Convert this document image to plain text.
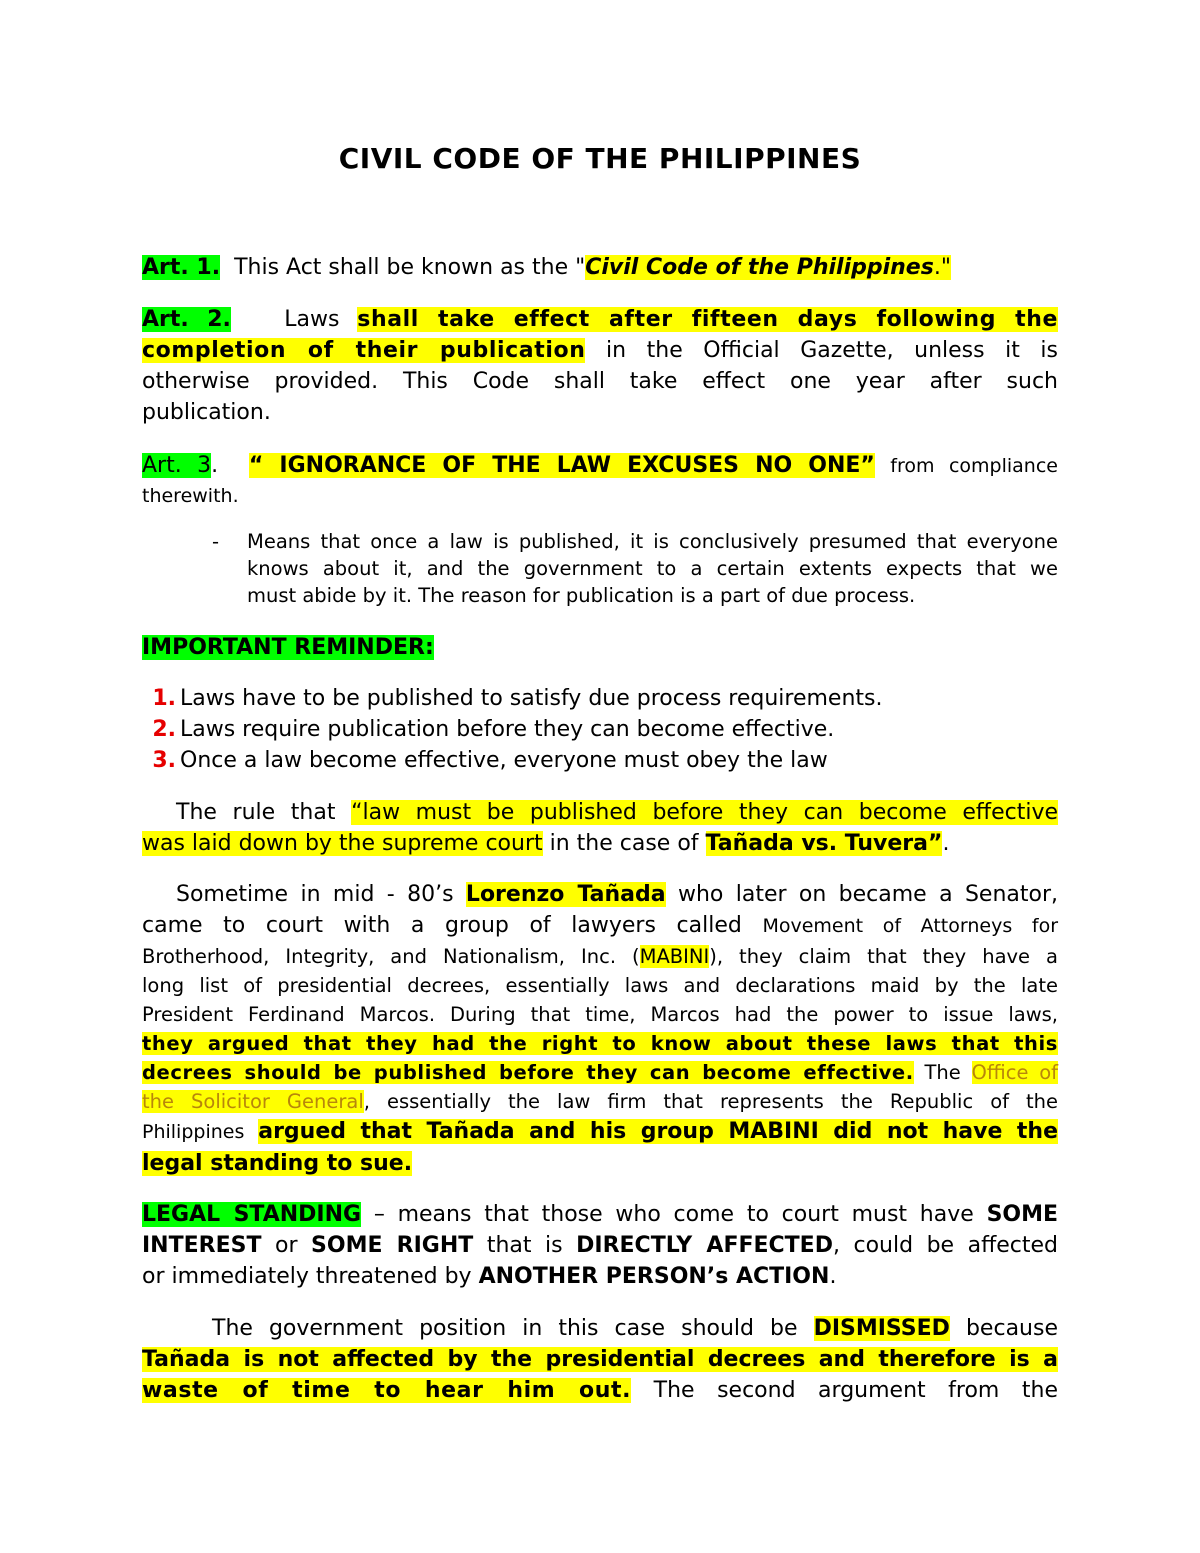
CIVIL CODE OF THE PHILIPPINES
Art. 1. This Act shall be known as the "Civil Code of the Philippines."
Art. 2. Laws shall take effect after fifteen days following the
completion of their publication in the Official Gazette, unless it is
otherwise provided. This Code shall take effect one year after such
publication.
Art. 3. “ IGNORANCE OF THE LAW EXCUSES NO ONE” from compliance
therewith.
- Means that once a law is published, it is conclusively presumed that everyone
knows about it, and the government to a certain extents expects that we
must abide by it. The reason for publication is a part of due process.
IMPORTANT REMINDER:
1. Laws have to be published to satisfy due process requirements.
2. Laws require publication before they can become effective.
3. Once a law become effective, everyone must obey the law
The rule that “law must be published before they can become effective
was laid down by the supreme court in the case of Tañada vs. Tuvera”.
Sometime in mid - 80’s Lorenzo Tañada who later on became a Senator,
came to court with a group of lawyers called Movement of Attorneys for
Brotherhood, Integrity, and Nationalism, Inc. (MABINI), they claim that they have a
long list of presidential decrees, essentially laws and declarations maid by the late
President Ferdinand Marcos. During that time, Marcos had the power to issue laws,
they argued that they had the right to know about these laws that this
decrees should be published before they can become effective. The Office of
the Solicitor General, essentially the law firm that represents the Republic of the
Philippines argued that Tañada and his group MABINI did not have the
legal standing to sue.
LEGAL STANDING – means that those who come to court must have SOME
INTEREST or SOME RIGHT that is DIRECTLY AFFECTED, could be affected
or immediately threatened by ANOTHER PERSON’s ACTION.
The government position in this case should be DISMISSED because
Tañada is not affected by the presidential decrees and therefore is a
waste of time to hear him out. The second argument from the
